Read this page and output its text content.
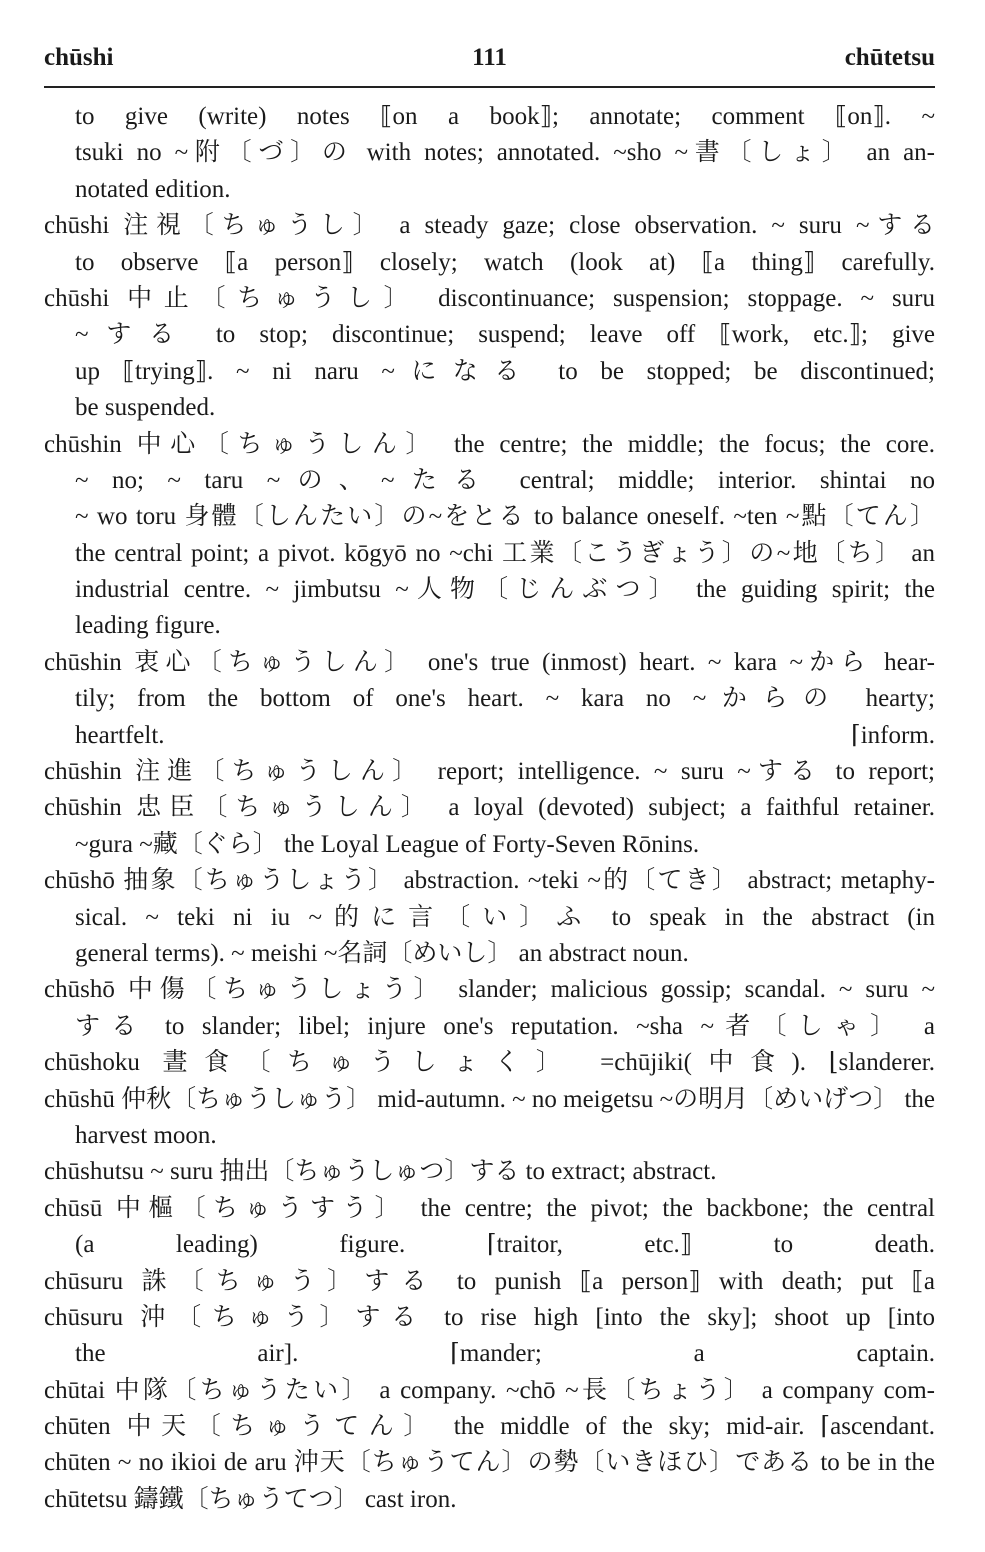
chūshi	111	chūtetsu
to give (write) notes ⟦on a book⟧; annotate; comment ⟦on⟧. ~
tsuki no ~附〔づ〕の with notes; annotated. ~sho ~書〔しょ〕 an an-
notated edition.
chūshi 注視〔ちゅうし〕 a steady gaze; close observation. ~ suru ~する
to observe ⟦a person⟧ closely; watch (look at) ⟦a thing⟧ carefully.
chūshi 中止〔ちゅうし〕 discontinuance; suspension; stoppage. ~ suru
~する to stop; discontinue; suspend; leave off ⟦work, etc.⟧; give
up ⟦trying⟧. ~ ni naru ~になる to be stopped; be discontinued;
be suspended.
chūshin 中心〔ちゅうしん〕 the centre; the middle; the focus; the core.
~ no; ~ taru ~の、~たる central; middle; interior. shintai no
~ wo toru 身體〔しんたい〕の~をとる to balance oneself. ~ten ~點〔てん〕
the central point; a pivot. kōgyō no ~chi 工業〔こうぎょう〕の~地〔ち〕 an
industrial centre. ~ jimbutsu ~人物〔じんぶつ〕 the guiding spirit; the
leading figure.
chūshin 衷心〔ちゅうしん〕 one's true (inmost) heart. ~ kara ~から hear-
tily; from the bottom of one's heart. ~ kara no ~からの hearty;
heartfelt.	⌈inform.
chūshin 注進〔ちゅうしん〕 report; intelligence. ~ suru ~する to report;
chūshin 忠臣〔ちゅうしん〕 a loyal (devoted) subject; a faithful retainer.
~gura ~藏〔ぐら〕 the Loyal League of Forty-Seven Rōnins.
chūshō 抽象〔ちゅうしょう〕 abstraction. ~teki ~的〔てき〕 abstract; metaphy-
sical. ~ teki ni iu ~的に言〔い〕ふ to speak in the abstract (in
general terms). ~ meishi ~名詞〔めいし〕 an abstract noun.
chūshō 中傷〔ちゅうしょう〕 slander; malicious gossip; scandal. ~ suru ~
する to slander; libel; injure one's reputation. ~sha ~者〔しゃ〕 a
chūshoku 晝食〔ちゅうしょく〕 =chūjiki(中食). ⌊slanderer.
chūshū 仲秋〔ちゅうしゅう〕 mid-autumn. ~ no meigetsu ~の明月〔めいげつ〕 the
harvest moon.
chūshutsu ~ suru 抽出〔ちゅうしゅつ〕する to extract; abstract.
chūsū 中樞〔ちゅうすう〕 the centre; the pivot; the backbone; the central
(a leading) figure.	⌈traitor, etc.⟧ to death.
chūsuru 誅〔ちゅう〕する to punish ⟦a person⟧ with death; put ⟦a
chūsuru 沖〔ちゅう〕する to rise high [into the sky]; shoot up [into
the air].	⌈mander; a captain.
chūtai 中隊〔ちゅうたい〕 a company. ~chō ~長〔ちょう〕 a company com-
chūten 中天〔ちゅうてん〕 the middle of the sky; mid-air. ⌈ascendant.
chūten ~ no ikioi de aru 沖天〔ちゅうてん〕の勢〔いきほひ〕である to be in the
chūtetsu 鑄鐵〔ちゅうてつ〕 cast iron.
